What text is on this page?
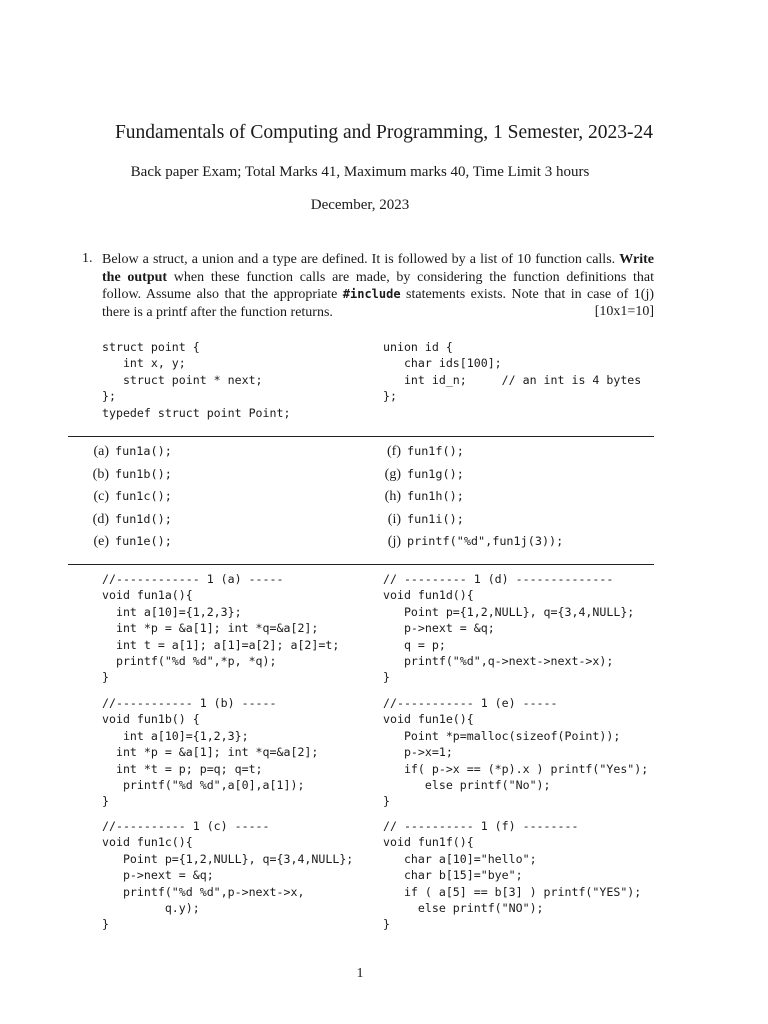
Fundamentals of Computing and Programming, 1 Semester, 2023-24
Back paper Exam; Total Marks 41, Maximum marks 40, Time Limit 3 hours
December, 2023
1. Below a struct, a union and a type are defined. It is followed by a list of 10 function calls. Write the output when these function calls are made, by considering the function definitions that follow. Assume also that the appropriate #include statements exists. Note that in case of 1(j) there is a printf after the function returns.	[10x1=10]
struct point {
int x, y;
struct point * next;
};
typedef struct point Point;
union id {
char ids[100];
int id_n;     // an int is 4 bytes
};
(a) fun1a();
(b) fun1b();
(c) fun1c();
(d) fun1d();
(e) fun1e();
(f) fun1f();
(g) fun1g();
(h) fun1h();
(i) fun1i();
(j) printf("%d",fun1j(3));
//------------ 1 (a) -----
void fun1a(){
int a[10]={1,2,3};
int *p = &a[1]; int *q=&a[2];
int t = a[1]; a[1]=a[2]; a[2]=t;
printf("%d %d",*p, *q);
}
// --------- 1 (d) --------------
void fun1d(){
Point p={1,2,NULL}, q={3,4,NULL};
p->next = &q;
q = p;
printf("%d",q->next->next->x);
}
//----------- 1 (b) -----
void fun1b() {
int a[10]={1,2,3};
int *p = &a[1]; int *q=&a[2];
int *t = p; p=q; q=t;
printf("%d %d",a[0],a[1]);
}
//----------- 1 (e) -----
void fun1e(){
Point *p=malloc(sizeof(Point));
p->x=1;
if( p->x == (*p).x ) printf("Yes");
else printf("No");
}
//---------- 1 (c) -----
void fun1c(){
Point p={1,2,NULL}, q={3,4,NULL};
p->next = &q;
printf("%d %d",p->next->x,
q.y);
}
// ---------- 1 (f) --------
void fun1f(){
char a[10]="hello";
char b[15]="bye";
if ( a[5] == b[3] ) printf("YES");
else printf("NO");
}
1
